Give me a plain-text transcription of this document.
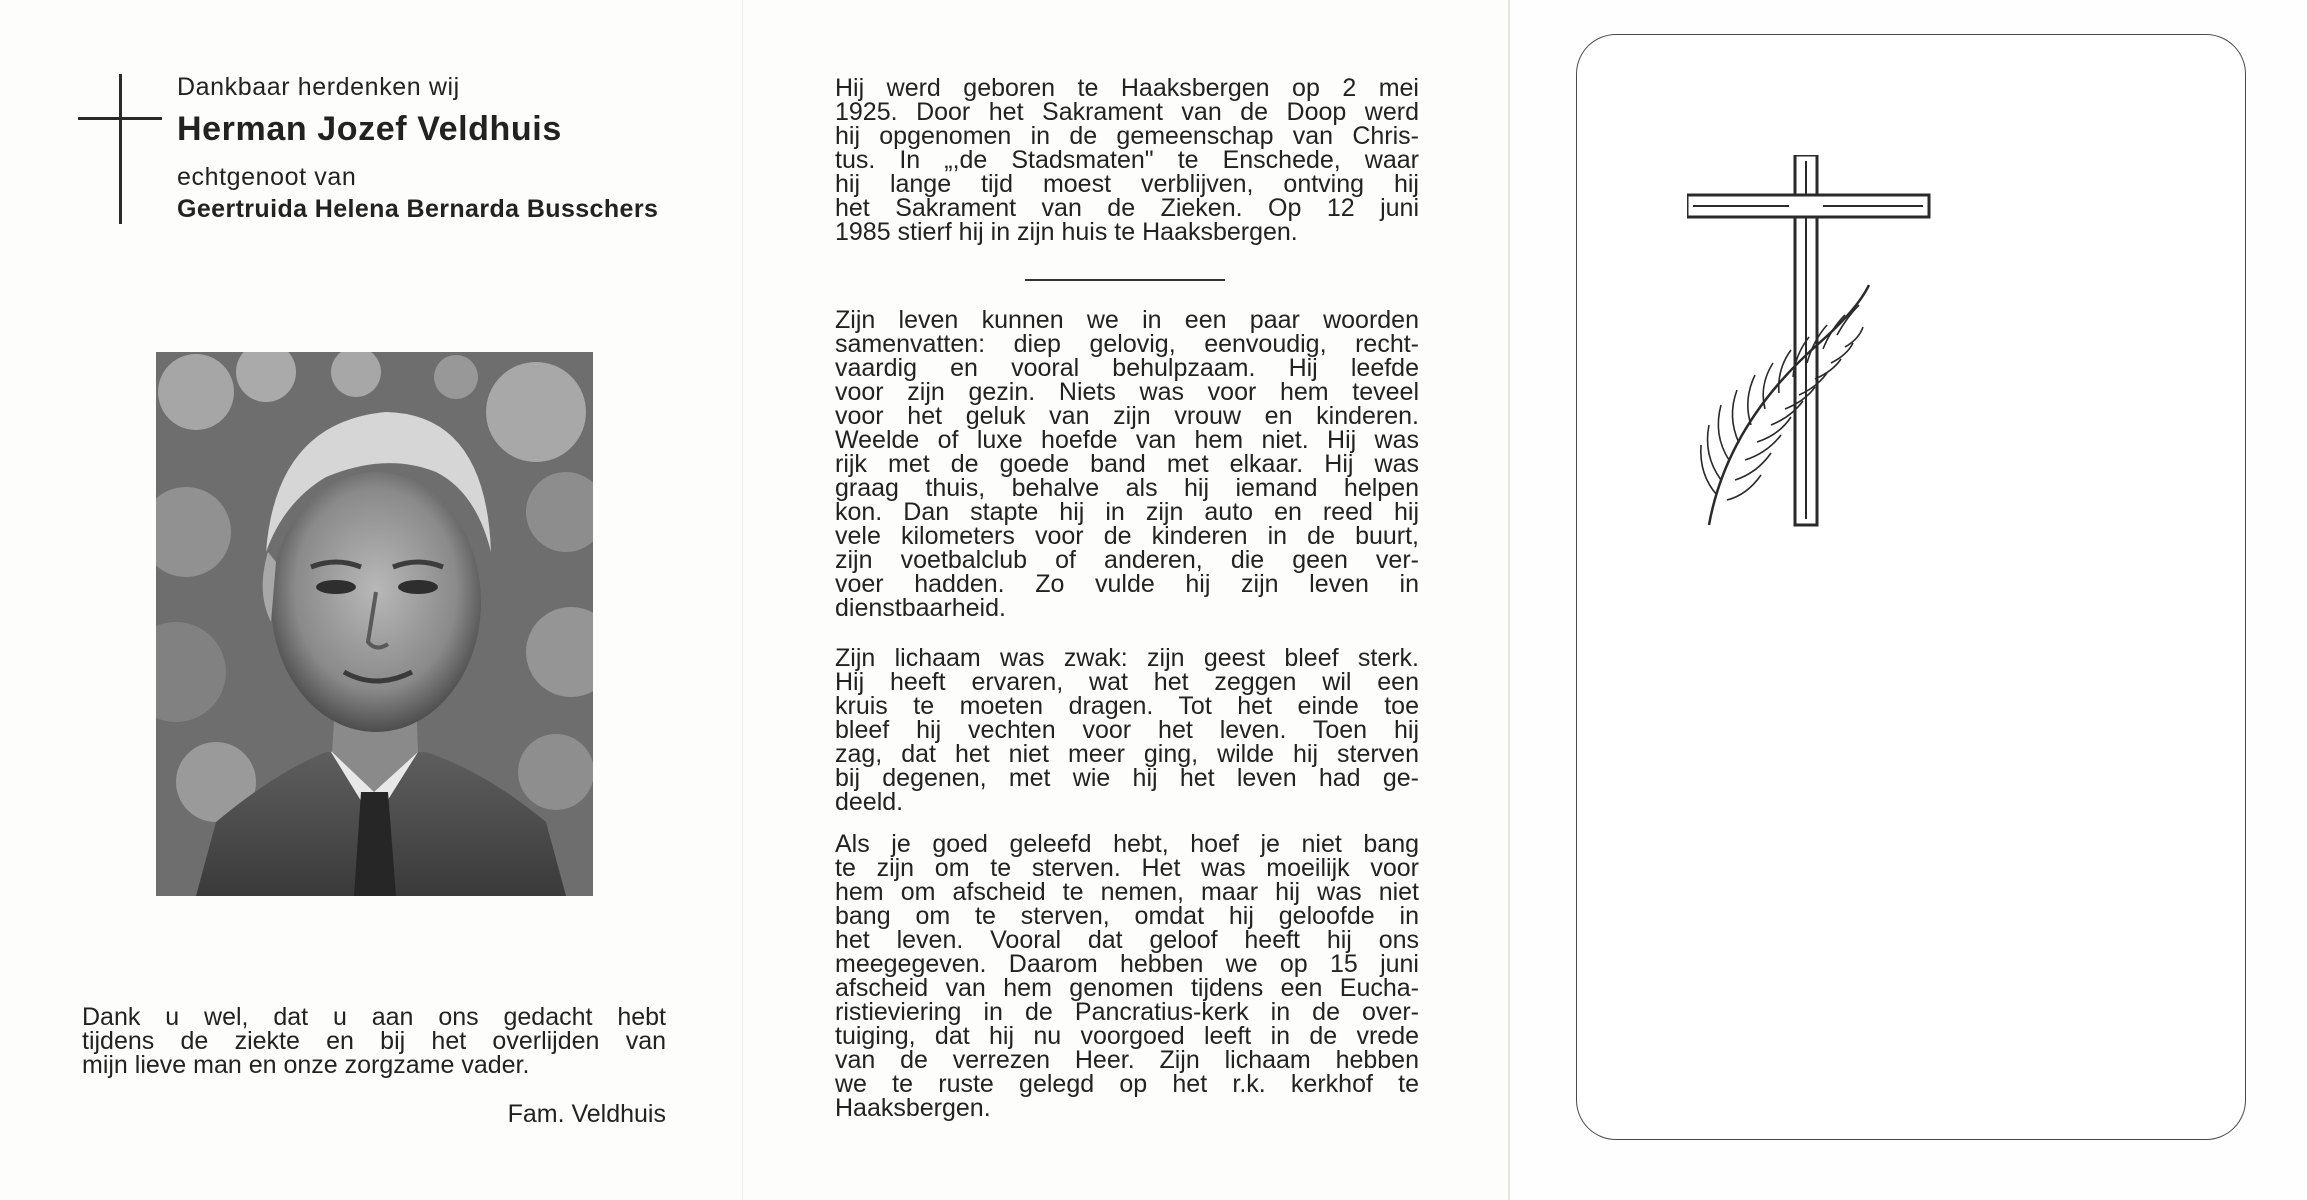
Dankbaar herdenken wij
Herman Jozef Veldhuis
echtgenoot van
Geertruida Helena Bernarda Busschers

Dank u wel, dat u aan ons gedacht hebt
tijdens de ziekte en bij het overlijden van
mijn lieve man en onze zorgzame vader.

Fam. Veldhuis
Hij werd geboren te Haaksbergen op 2 mei
1925. Door het Sakrament van de Doop werd
hij opgenomen in de gemeenschap van Chris-
tus. In „,de Stadsmaten" te Enschede, waar
hij lange tijd moest verblijven, ontving hij
het Sakrament van de Zieken. Op 12 juni
1985 stierf hij in zijn huis te Haaksbergen.
Zijn leven kunnen we in een paar woorden
samenvatten: diep gelovig, eenvoudig, recht-
vaardig en vooral behulpzaam. Hij leefde
voor zijn gezin. Niets was voor hem teveel
voor het geluk van zijn vrouw en kinderen.
Weelde of luxe hoefde van hem niet. Hij was
rijk met de goede band met elkaar. Hij was
graag thuis, behalve als hij iemand helpen
kon. Dan stapte hij in zijn auto en reed hij
vele kilometers voor de kinderen in de buurt,
zijn voetbalclub of anderen, die geen ver-
voer hadden. Zo vulde hij zijn leven in
dienstbaarheid.
Zijn lichaam was zwak: zijn geest bleef sterk.
Hij heeft ervaren, wat het zeggen wil een
kruis te moeten dragen. Tot het einde toe
bleef hij vechten voor het leven. Toen hij
zag, dat het niet meer ging, wilde hij sterven
bij degenen, met wie hij het leven had ge-
deeld.
Als je goed geleefd hebt, hoef je niet bang
te zijn om te sterven. Het was moeilijk voor
hem om afscheid te nemen, maar hij was niet
bang om te sterven, omdat hij geloofde in
het leven. Vooral dat geloof heeft hij ons
meegegeven. Daarom hebben we op 15 juni
afscheid van hem genomen tijdens een Eucha-
ristieviering in de Pancratius-kerk in de over-
tuiging, dat hij nu voorgoed leeft in de vrede
van de verrezen Heer. Zijn lichaam hebben
we te ruste gelegd op het r.k. kerkhof te
Haaksbergen.
